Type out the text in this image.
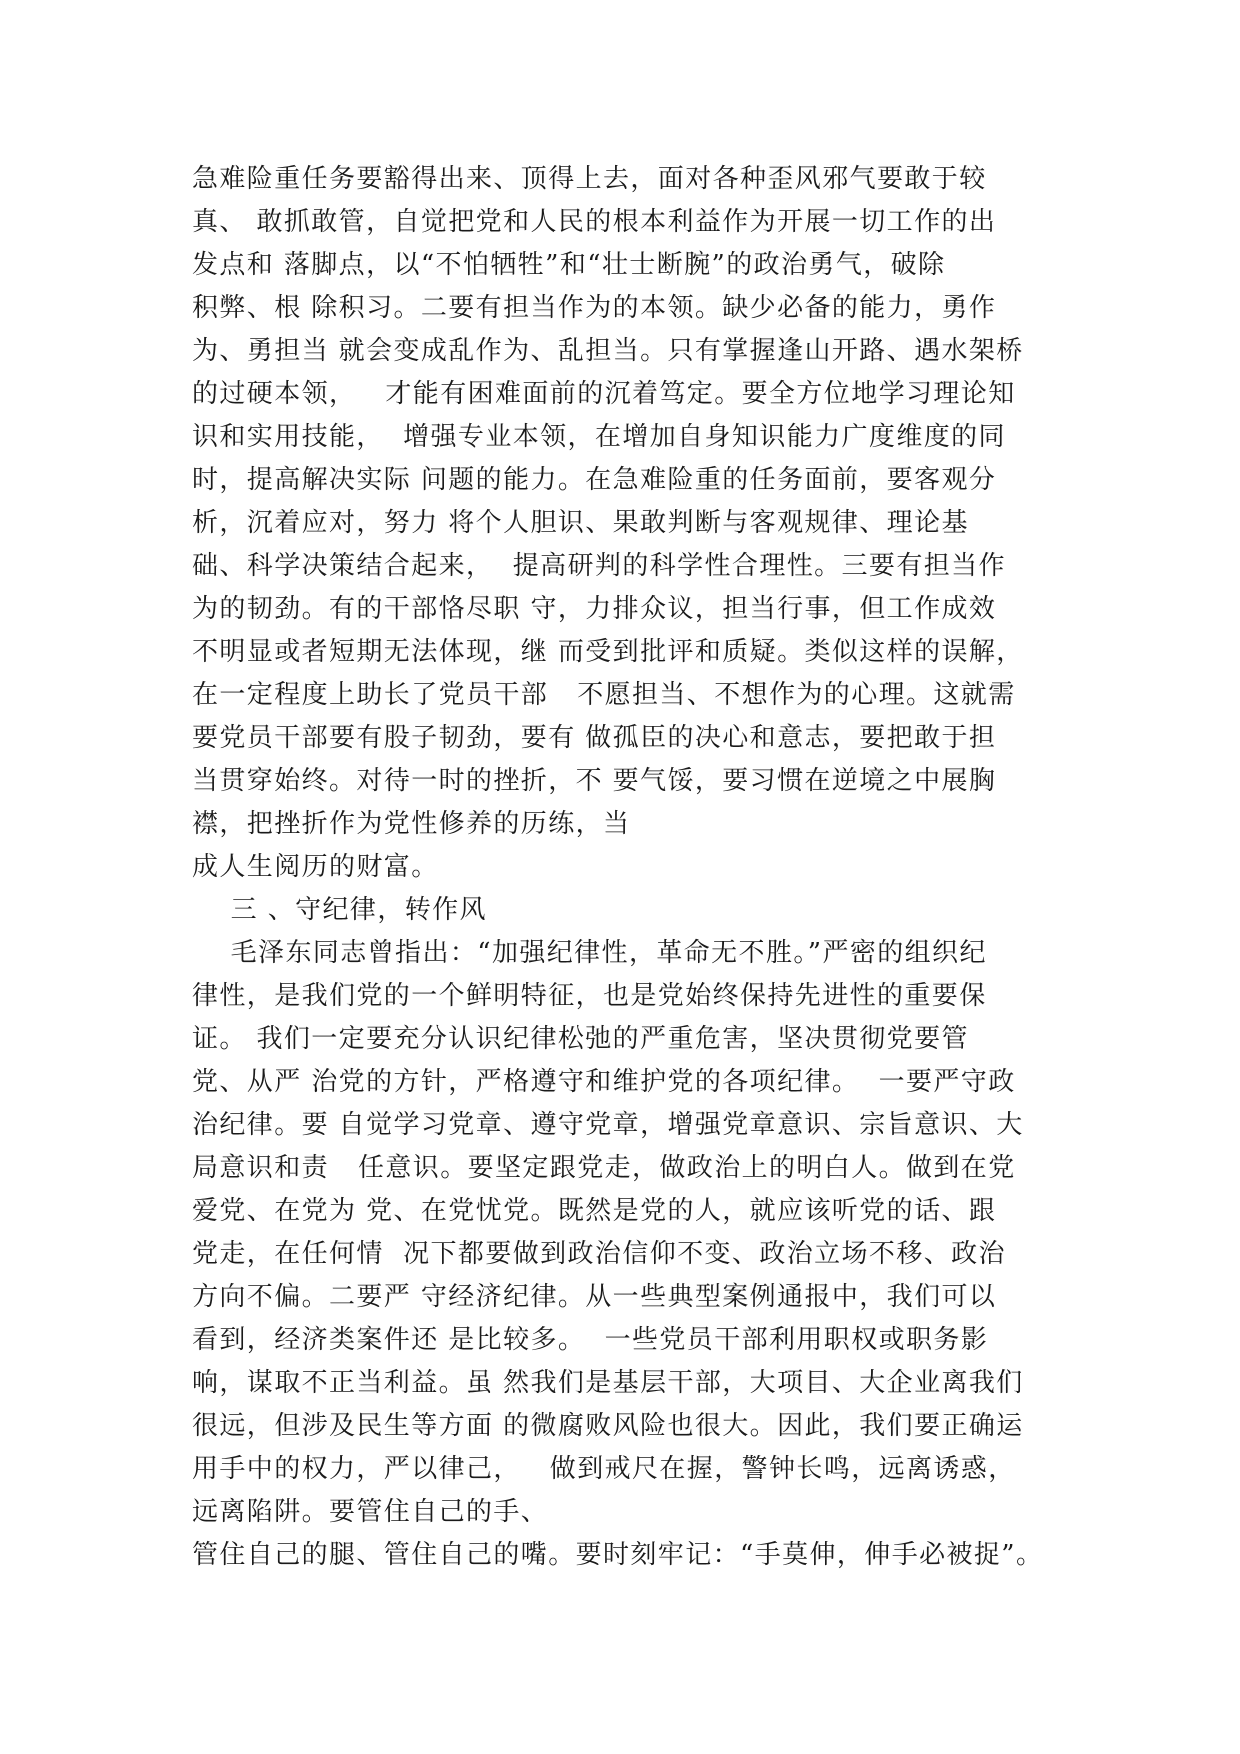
急难险重任务要豁得出来、顶得上去，面对各种歪风邪气要敢于较
真、 敢抓敢管，自觉把党和人民的根本利益作为开展一切工作的出
发点和 落脚点，以“不怕牺牲”和“壮士断腕”的政治勇气，破除
积弊、根 除积习。二要有担当作为的本领。缺少必备的能力，勇作
为、勇担当 就会变成乱作为、乱担当。只有掌握逢山开路、遇水架桥
的过硬本领，   才能有困难面前的沉着笃定。要全方位地学习理论知
识和实用技能，  增强专业本领，在增加自身知识能力广度维度的同
时，提高解决实际 问题的能力。在急难险重的任务面前，要客观分
析，沉着应对，努力 将个人胆识、果敢判断与客观规律、理论基
础、科学决策结合起来，  提高研判的科学性合理性。三要有担当作
为的韧劲。有的干部恪尽职 守，力排众议，担当行事，但工作成效
不明显或者短期无法体现，继 而受到批评和质疑。类似这样的误解，
在一定程度上助长了党员干部   不愿担当、不想作为的心理。这就需
要党员干部要有股子韧劲，要有 做孤臣的决心和意志，要把敢于担
当贯穿始终。对待一时的挫折，不 要气馁，要习惯在逆境之中展胸
襟，把挫折作为党性修养的历练，当
成人生阅历的财富。
三 、守纪律，转作风
毛泽东同志曾指出：“加强纪律性，革命无不胜。”严密的组织纪
律性，是我们党的一个鲜明特征，也是党始终保持先进性的重要保
证。 我们一定要充分认识纪律松弛的严重危害，坚决贯彻党要管
党、从严 治党的方针，严格遵守和维护党的各项纪律。  一要严守政
治纪律。要 自觉学习党章、遵守党章，增强党章意识、宗旨意识、大
局意识和责   任意识。要坚定跟党走，做政治上的明白人。做到在党
爱党、在党为 党、在党忧党。既然是党的人，就应该听党的话、跟
党走，在任何情  况下都要做到政治信仰不变、政治立场不移、政治
方向不偏。二要严 守经济纪律。从一些典型案例通报中，我们可以
看到，经济类案件还 是比较多。  一些党员干部利用职权或职务影
响，谋取不正当利益。虽 然我们是基层干部，大项目、大企业离我们
很远，但涉及民生等方面 的微腐败风险也很大。因此，我们要正确运
用手中的权力，严以律己，   做到戒尺在握，警钟长鸣，远离诱惑，
远离陷阱。要管住自己的手、
管住自己的腿、管住自己的嘴。要时刻牢记：“手莫伸，伸手必被捉”。
